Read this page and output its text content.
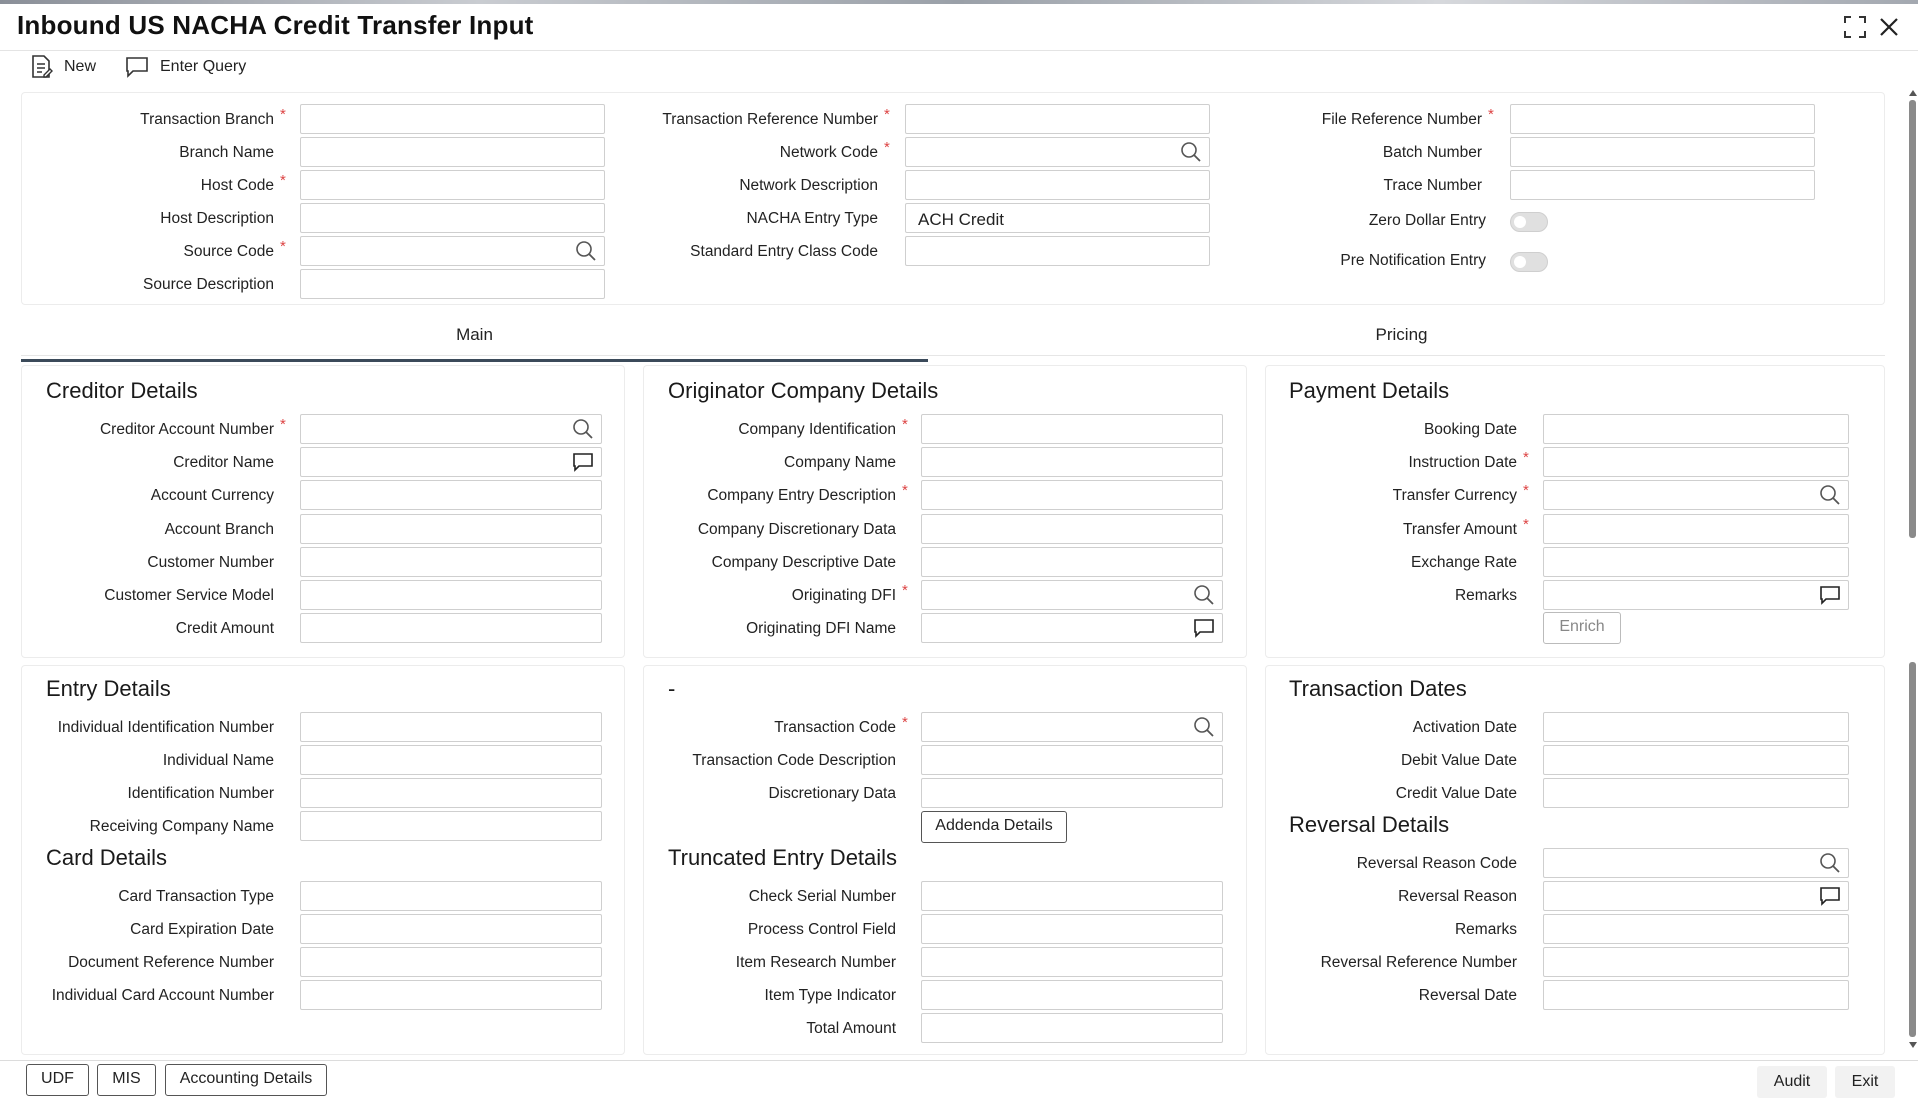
Inbound US NACHA Credit Transfer Input
New	Enter Query
Transaction Branch *
Branch Name
Host Code *
Host Description
Source Code *
Source Description
Transaction Reference Number *
Network Code *
Network Description
NACHA Entry Type	ACH Credit
Standard Entry Class Code
File Reference Number *
Batch Number
Trace Number
Zero Dollar Entry
Pre Notification Entry
Main	Pricing
Creditor Details
Creditor Account Number *
Creditor Name
Account Currency
Account Branch
Customer Number
Customer Service Model
Credit Amount
Originator Company Details
Company Identification *
Company Name
Company Entry Description *
Company Discretionary Data
Company Descriptive Date
Originating DFI *
Originating DFI Name
Payment Details
Booking Date
Instruction Date *
Transfer Currency *
Transfer Amount *
Exchange Rate
Remarks
Entry Details
Individual Identification Number
Individual Name
Identification Number
Receiving Company Name
Card Details
Card Transaction Type
Card Expiration Date
Document Reference Number
Individual Card Account Number
-
Transaction Code *
Transaction Code Description
Discretionary Data
Truncated Entry Details
Check Serial Number
Process Control Field
Item Research Number
Item Type Indicator
Total Amount
Transaction Dates
Activation Date
Debit Value Date
Credit Value Date
Reversal Details
Reversal Reason Code
Reversal Reason
Remarks
Reversal Reference Number
Reversal Date
Enrich
Addenda Details
UDF	MIS	Accounting Details	Audit	Exit
